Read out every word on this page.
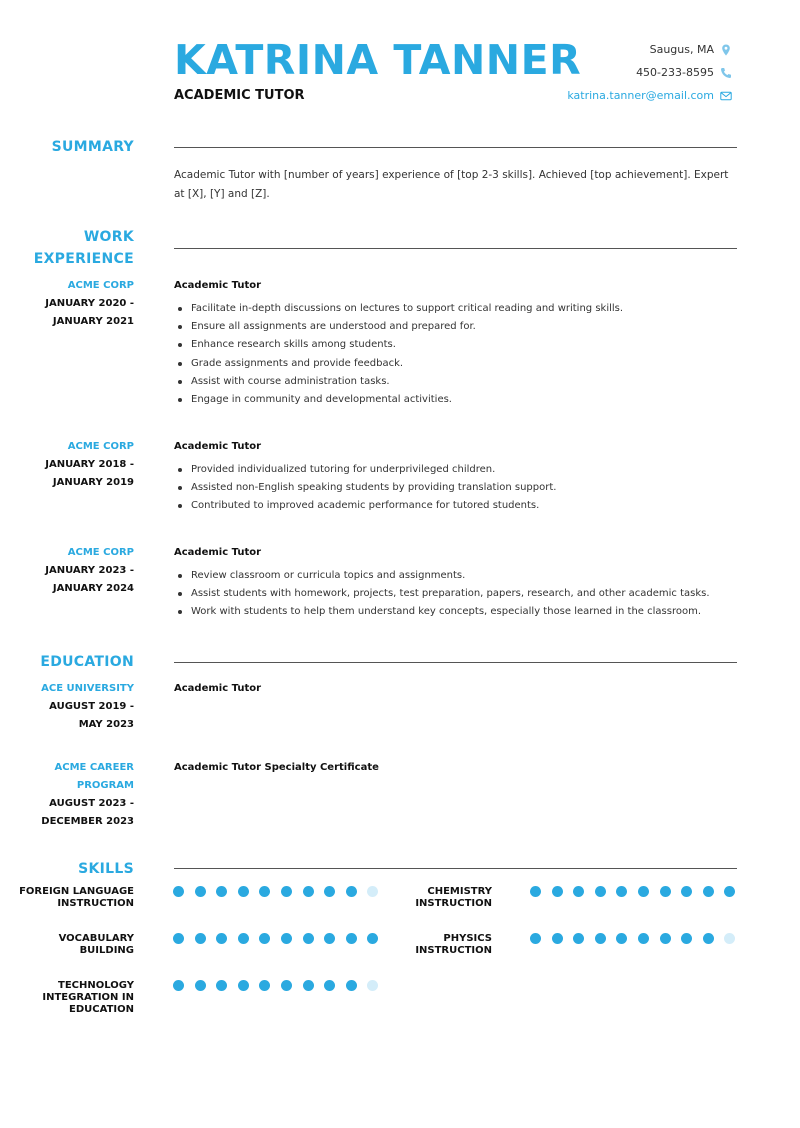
KATRINA TANNER
ACADEMIC TUTOR
Saugus, MA
450-233-8595
katrina.tanner@email.com
SUMMARY
Academic Tutor with [number of years] experience of [top 2-3 skills]. Achieved [top achievement]. Expert at [X], [Y] and [Z].
WORK
EXPERIENCE
ACME CORP
JANUARY 2020 -
JANUARY 2021
Academic Tutor
Facilitate in-depth discussions on lectures to support critical reading and writing skills.
Ensure all assignments are understood and prepared for.
Enhance research skills among students.
Grade assignments and provide feedback.
Assist with course administration tasks.
Engage in community and developmental activities.
ACME CORP
JANUARY 2018 -
JANUARY 2019
Academic Tutor
Provided individualized tutoring for underprivileged children.
Assisted non-English speaking students by providing translation support.
Contributed to improved academic performance for tutored students.
ACME CORP
JANUARY 2023 -
JANUARY 2024
Academic Tutor
Review classroom or curricula topics and assignments.
Assist students with homework, projects, test preparation, papers, research, and other academic tasks.
Work with students to help them understand key concepts, especially those learned in the classroom.
EDUCATION
ACE UNIVERSITY
AUGUST 2019 -
MAY 2023
Academic Tutor
ACME CAREER
PROGRAM
AUGUST 2023 -
DECEMBER 2023
Academic Tutor Specialty Certificate
SKILLS
FOREIGN LANGUAGE
INSTRUCTION
CHEMISTRY
INSTRUCTION
VOCABULARY
BUILDING
PHYSICS
INSTRUCTION
TECHNOLOGY
INTEGRATION IN
EDUCATION
